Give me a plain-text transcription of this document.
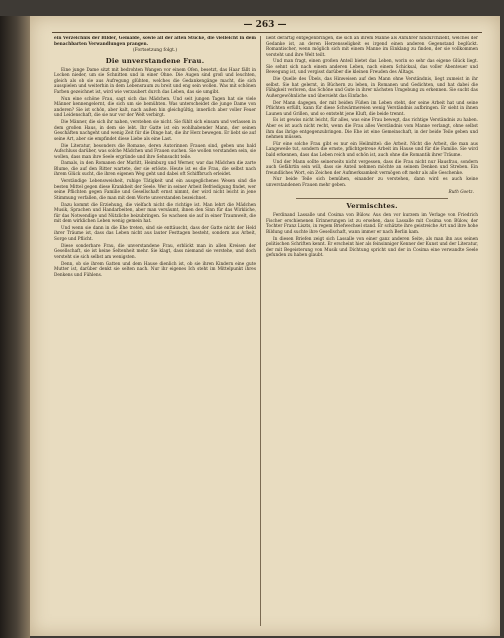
— 263 —

ein Verzeichnis der Bilder, Gemälde, sowie all der alten Stücke, die vielleicht in dem benachbarten Verwandlungen prangen.

(Fortsetzung folgt.)
Die unverstandene Frau.

Eine junge Dame sitzt mit bedrohten Wangen vor einem Ofen, besetzt, das Haar fällt in Locken nieder, um sie Schnitten und in einer Ohne. Die Augen sind groß und leuchten, gleich als ob sie aus Aufregung glühten, welches die Gedankengänge macht, die sich ausspielen und weiterhin in dem Lebensraum zu breit und eng sein wollen. Was mit schönen Farben gezeichnet ist, wird wie verzaubert durch das Leben, das sie umgibt.

Nun eine schöne Frau, sagt sich das Mädchen. Und seit jungen Tagen hat sie viele Männer kennengelernt, die sich um sie bemühten. Was unterscheidet die junge Dame von anderen? Sie ist schön, aber kalt, nach außen hin gleichgültig, innerlich aber voller Feuer und Leidenschaft, die sie nur vor der Welt verbirgt.

Die Männer, die sich ihr nahen, verstehen sie nicht. Sie fühlt sich einsam und verlassen in dem großen Haus, in dem sie lebt. Ihr Gatte ist ein wohlhabender Mann, der seinen Geschäften nachgeht und wenig Zeit für die Dinge hat, die ihr Herz bewegen. Er liebt sie auf seine Art, aber sie empfindet diese Liebe als eine Last.

Die Literatur, besonders die Romane, deren Autorinnen Frauen sind, geben uns bald Aufschluss darüber, was solche Mädchen und Frauen suchen. Sie wollen verstanden sein, sie wollen, dass man ihre Seele ergründe und ihre Sehnsucht teile.

Damals, in den Romanen der Marlitt, Heimburg und Werner, war das Mädchen die zarte Blume, die auf den Ritter wartete, der sie erlöste. Heute ist es die Frau, die selbst nach ihrem Glück sucht, die ihren eigenen Weg geht und dabei oft Schiffbruch erleidet.

Verständige Lebensweisheit, ruhige Tätigkeit und ein ausgeglichenes Wesen sind die besten Mittel gegen diese Krankheit der Seele. Wer in seiner Arbeit Befriedigung findet, wer seine Pflichten gegen Familie und Gesellschaft ernst nimmt, der wird nicht leicht in jene Stimmung verfallen, die man mit dem Worte unverstanden bezeichnet.

Dazu kommt die Erziehung, die vielfach nicht die richtige ist. Man lehrt die Mädchen Musik, Sprachen und Handarbeiten, aber man versäumt, ihnen den Sinn für das Wirkliche, für das Notwendige und Nützliche beizubringen. So wachsen sie auf in einer Traumwelt, die mit dem wirklichen Leben wenig gemein hat.

Und wenn sie dann in die Ehe treten, sind sie enttäuscht, dass der Gatte nicht der Held ihrer Träume ist, dass das Leben nicht aus lauter Festtagen besteht, sondern aus Arbeit, Sorge und Pflicht.

Diese sonderbare Frau, die unverstandene Frau, erblickt man in allen Kreisen der Gesellschaft, sie ist keine Seltenheit mehr. Sie klagt, dass niemand sie verstehe, und doch versteht sie sich selbst am wenigsten.

Denn, ob sie ihrem Gatten und dem Hause dienlich ist, ob sie ihren Kindern eine gute Mutter ist, darüber denkt sie selten nach. Nur ihr eigenes Ich steht im Mittelpunkt ihres Denkens und Fühlens.

liebt derartig entgegenbringen, die sich an ihrem Manne als Anführer hindurchzieht, welches der Gedanke ist, an deren Herzensseligkeit es irgend einen anderen Gegenstand beglückt. Romantischer, wenn möglich sich mit einem Manne im Einklang zu finden, der sie vollkommen versteht und ihre Welt teilt.

Und man fragt, einen großen Anteil bietet das Leben, worin so sehr das eigene Glück liegt. Sie sehnt sich nach einem anderen Leben, nach einem Schicksal, das voller Abenteuer und Bewegung ist, und vergisst darüber die kleinen Freuden des Alltags.

Die Quelle des Übels, das Hinweisen auf den Mann ohne Verständnis, liegt zumeist in ihr selbst. Sie hat gelernt, in Büchern zu leben, in Romanen und Gedichten, und hat dabei die Fähigkeit verloren, das Schöne und Gute in ihrer nächsten Umgebung zu erkennen. Sie sucht das Außergewöhnliche und übersieht das Einfache.

Der Mann dagegen, der mit beiden Füßen im Leben steht, der seine Arbeit hat und seine Pflichten erfüllt, kann für diese Schwärmereien wenig Verständnis aufbringen. Er sieht in ihnen Launen und Grillen, und so entsteht jene Kluft, die beide trennt.

Es ist gewiss nicht leicht, für alles, was eine Frau bewegt, das richtige Verständnis zu haben. Aber es ist auch nicht recht, wenn die Frau alles Verständnis vom Manne verlangt, ohne selbst ihm das ihrige entgegenzubringen. Die Ehe ist eine Gemeinschaft, in der beide Teile geben und nehmen müssen.

Für eine solche Frau gibt es nur ein Heilmittel: die Arbeit. Nicht die Arbeit, die man aus Langeweile tut, sondern die ernste, pflichtgetreue Arbeit im Hause und für die Familie. Sie wird bald erkennen, dass das Leben reich und schön ist, auch ohne die Romantik ihrer Träume.

Und der Mann sollte seinerseits nicht vergessen, dass die Frau nicht nur Hausfrau, sondern auch Gefährtin sein will, dass sie Anteil nehmen möchte an seinem Denken und Streben. Ein freundliches Wort, ein Zeichen der Aufmerksamkeit vermögen oft mehr als alle Geschenke.

Nur beide Teile sich bemühen, einander zu verstehen, dann wird es auch keine unverstandenen Frauen mehr geben.

Ruth Goetz.
Vermischtes.

Ferdinand Lassalle und Cosima von Bülow. Aus den vor kurzem im Verlage von Friedrich Fischer erschienenen Erinnerungen ist zu ersehen, dass Lassalle mit Cosima von Bülow, der Tochter Franz Liszts, in regem Briefwechsel stand. Er schätzte ihre geistreiche Art und ihre hohe Bildung und suchte ihre Gesellschaft, wann immer er nach Berlin kam.

In diesen Briefen zeigt sich Lassalle von einer ganz anderen Seite, als man ihn aus seinen politischen Schriften kennt. Er erscheint hier als feinsinniger Kenner der Kunst und der Literatur, der mit Begeisterung von Musik und Dichtung spricht und der in Cosima eine verwandte Seele gefunden zu haben glaubt.
